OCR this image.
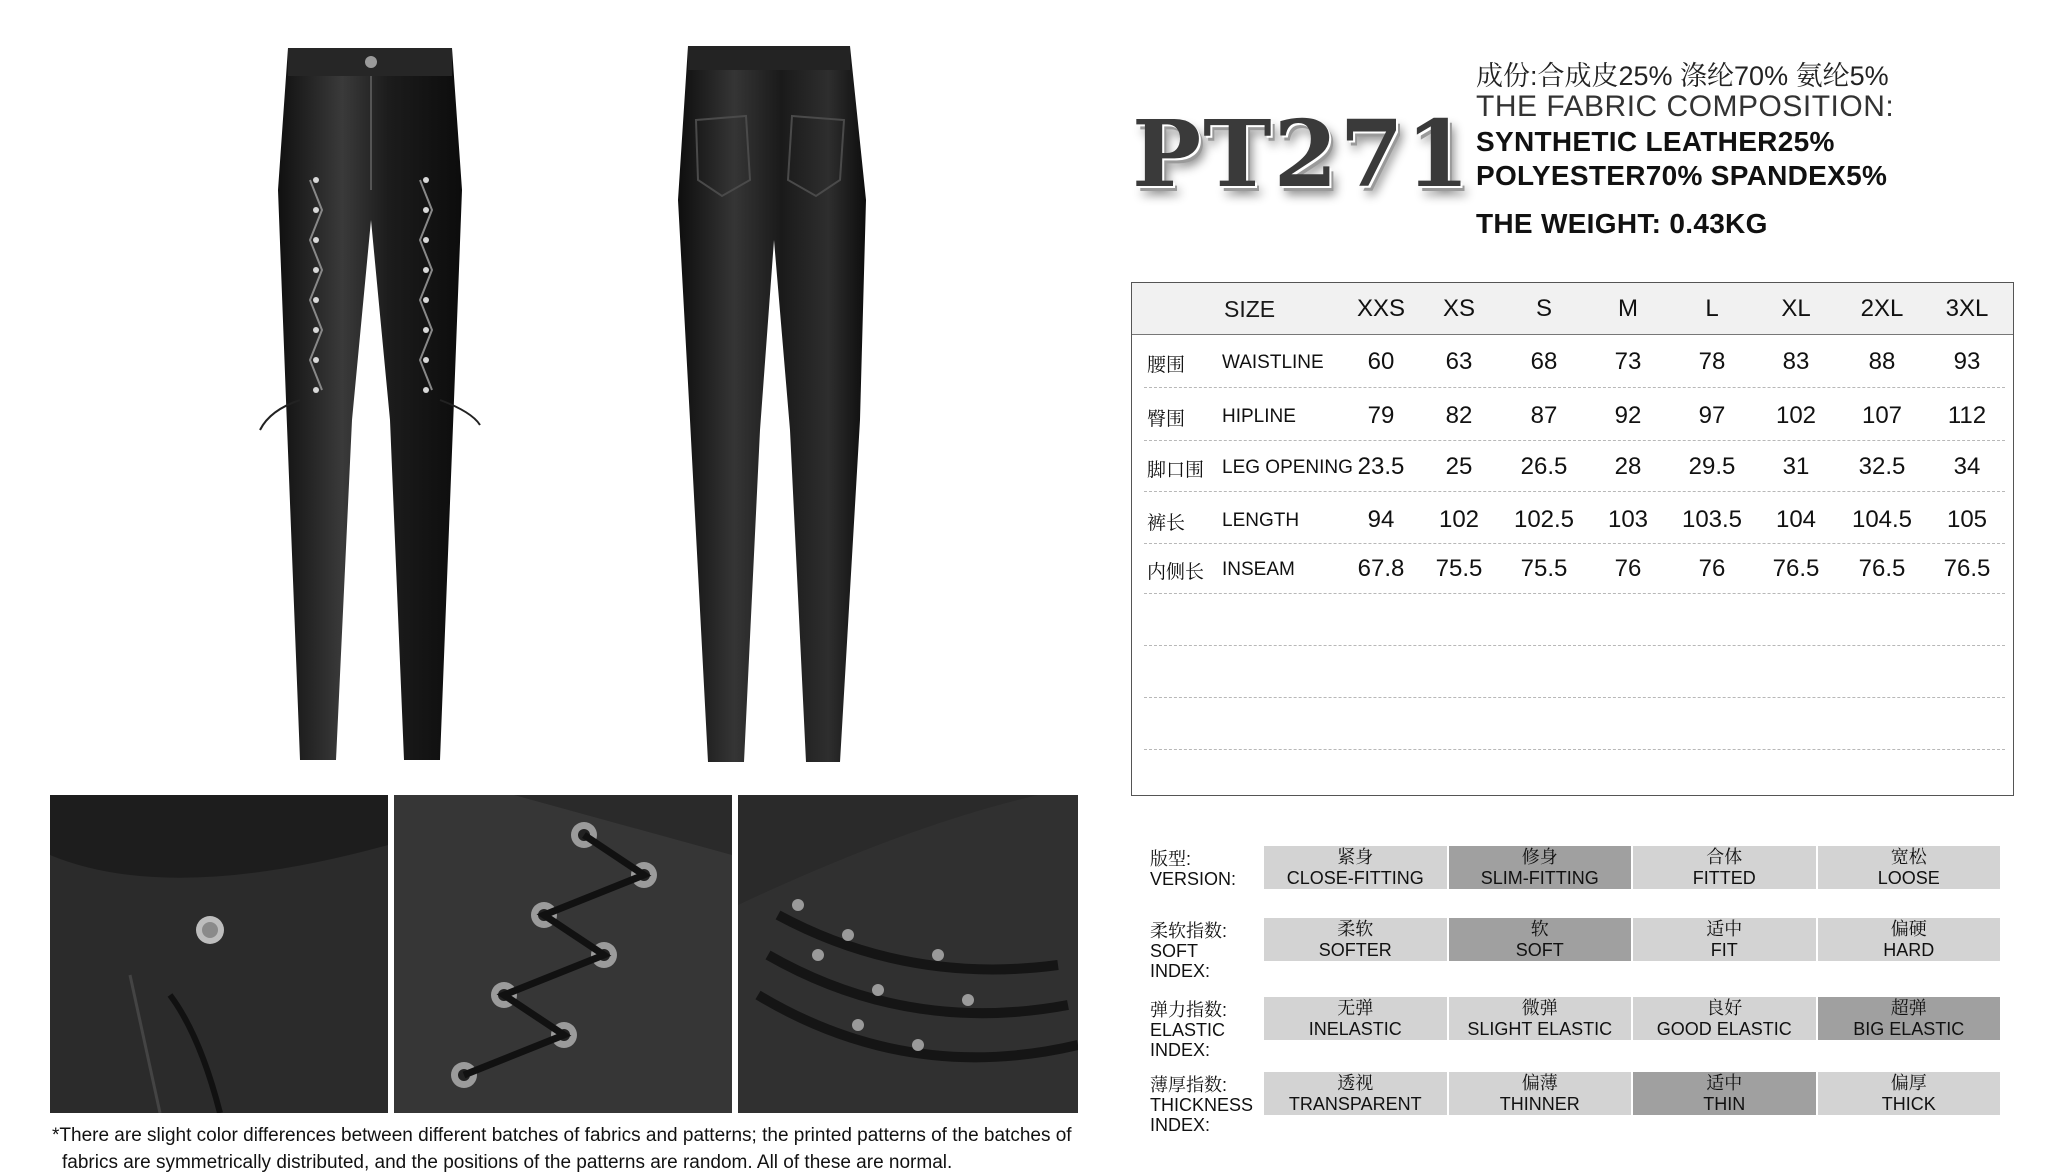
*There are slight color differences between different batches of fabrics and patterns; the printed patterns of the batches of
fabrics are symmetrically distributed, and the positions of the patterns are random. All of these are normal.
PT271
成份:合成皮25% 涤纶70% 氨纶5%
THE FABRIC COMPOSITION:
SYNTHETIC LEATHER25%
POLYESTER70% SPANDEX5%
THE WEIGHT: 0.43KG
SIZE	XXS XS	S	M	L	XL 2XL 3XL
腰围 WAISTLINE 60 63 68 73 78 83 88 93
臀围 HIPLINE	79 82 87 92 97 102 107 112
脚口围 LEG OPENING 23.5 25 26.5 28 29.5 31 32.5 34
裤长 LENGTH	94 102 102.5 103 103.5 104 104.5 105
内侧长 INSEAM	67.8 75.5 75.5 76 76 76.5 76.5 76.5
版型:
VERSION:
紧身
CLOSE-FITTING
修身
SLIM-FITTING
合体
FITTED
宽松
LOOSE
柔软指数:
SOFT
INDEX:
柔软
SOFTER
软
SOFT
适中
FIT
偏硬
HARD
弹力指数:
ELASTIC
INDEX:
无弹
INELASTIC
微弹
SLIGHT ELASTIC
良好
GOOD ELASTIC
超弹
BIG ELASTIC
薄厚指数:
THICKNESS
INDEX:
透视
TRANSPARENT
偏薄
THINNER
适中
THIN
偏厚
THICK
